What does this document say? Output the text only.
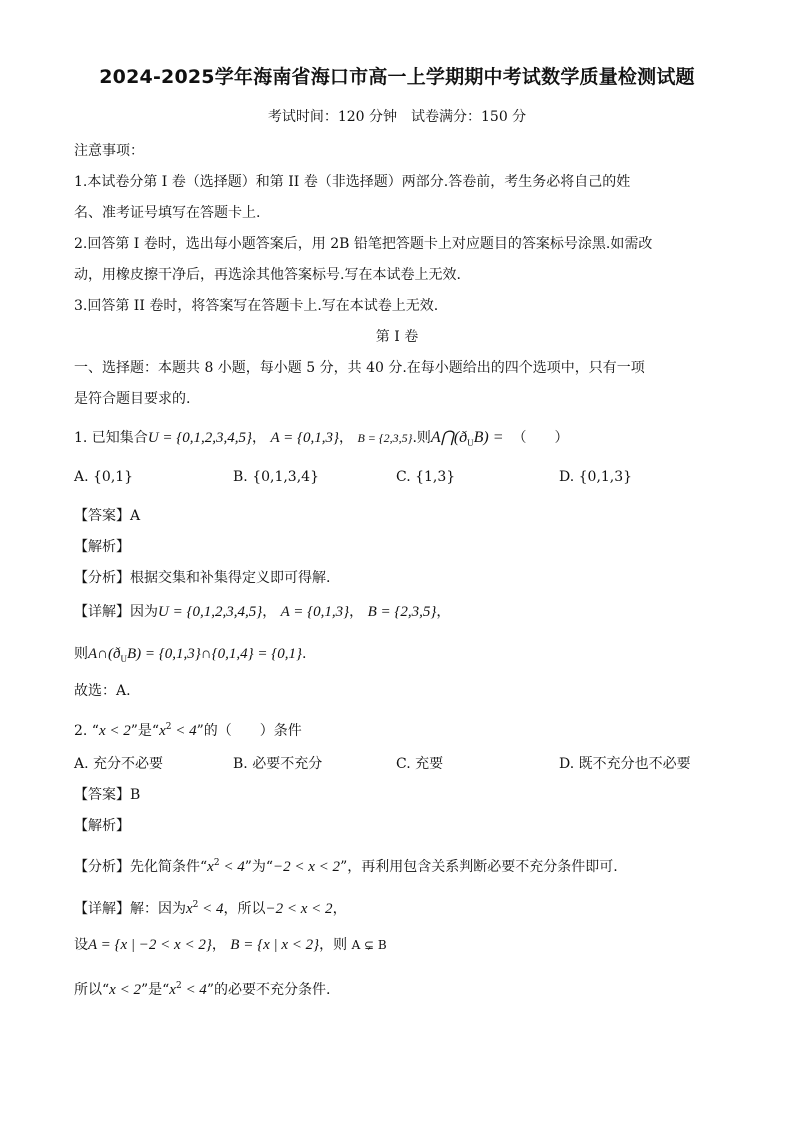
2024-2025学年海南省海口市高一上学期期中考试数学质量检测试题
考试时间：120 分钟　试卷满分：150 分
注意事项：
1.本试卷分第 I 卷（选择题）和第 II 卷（非选择题）两部分.答卷前，考生务必将自己的姓
名、准考证号填写在答题卡上.
2.回答第 I 卷时，选出每小题答案后，用 2B 铅笔把答题卡上对应题目的答案标号涂黑.如需改
动，用橡皮擦干净后，再选涂其他答案标号.写在本试卷上无效.
3.回答第 II 卷时，将答案写在答题卡上.写在本试卷上无效.
第 I 卷
一、选择题：本题共 8 小题，每小题 5 分，共 40 分.在每小题给出的四个选项中，只有一项
是符合题目要求的.
1. 已知集合U = {0,1,2,3,4,5}， A = {0,1,3}， B = {2,3,5}.则$A⋂(ð_UB)$ = （　　）
A. {0,1}	B. {0,1,3,4}	C. {1,3}	D. {0,1,3}
【答案】A
【解析】
【分析】根据交集和补集得定义即可得解.
【详解】因为U = {0,1,2,3,4,5}， A = {0,1,3}， B = {2,3,5}，
则$A\cap(ð_UB)$ = {0,1,3}∩{0,1,4} = {0,1}.
故选：A.
2. “x < 2”是“$x^2 < 4$”的（　　）条件
A. 充分不必要	B. 必要不充分	C. 充要	D. 既不充分也不必要
【答案】B
【解析】
【分析】先化简条件“$x^2 < 4$”为“−2 < x < 2”，再利用包含关系判断必要不充分条件即可.
【详解】解：因为$x^2 < 4$，所以−2 < x < 2，
设A = {x | −2 < x < 2}， B = {x | x < 2}，则 A ⊊ B
所以“x < 2”是“$x^2 < 4$”的必要不充分条件.
